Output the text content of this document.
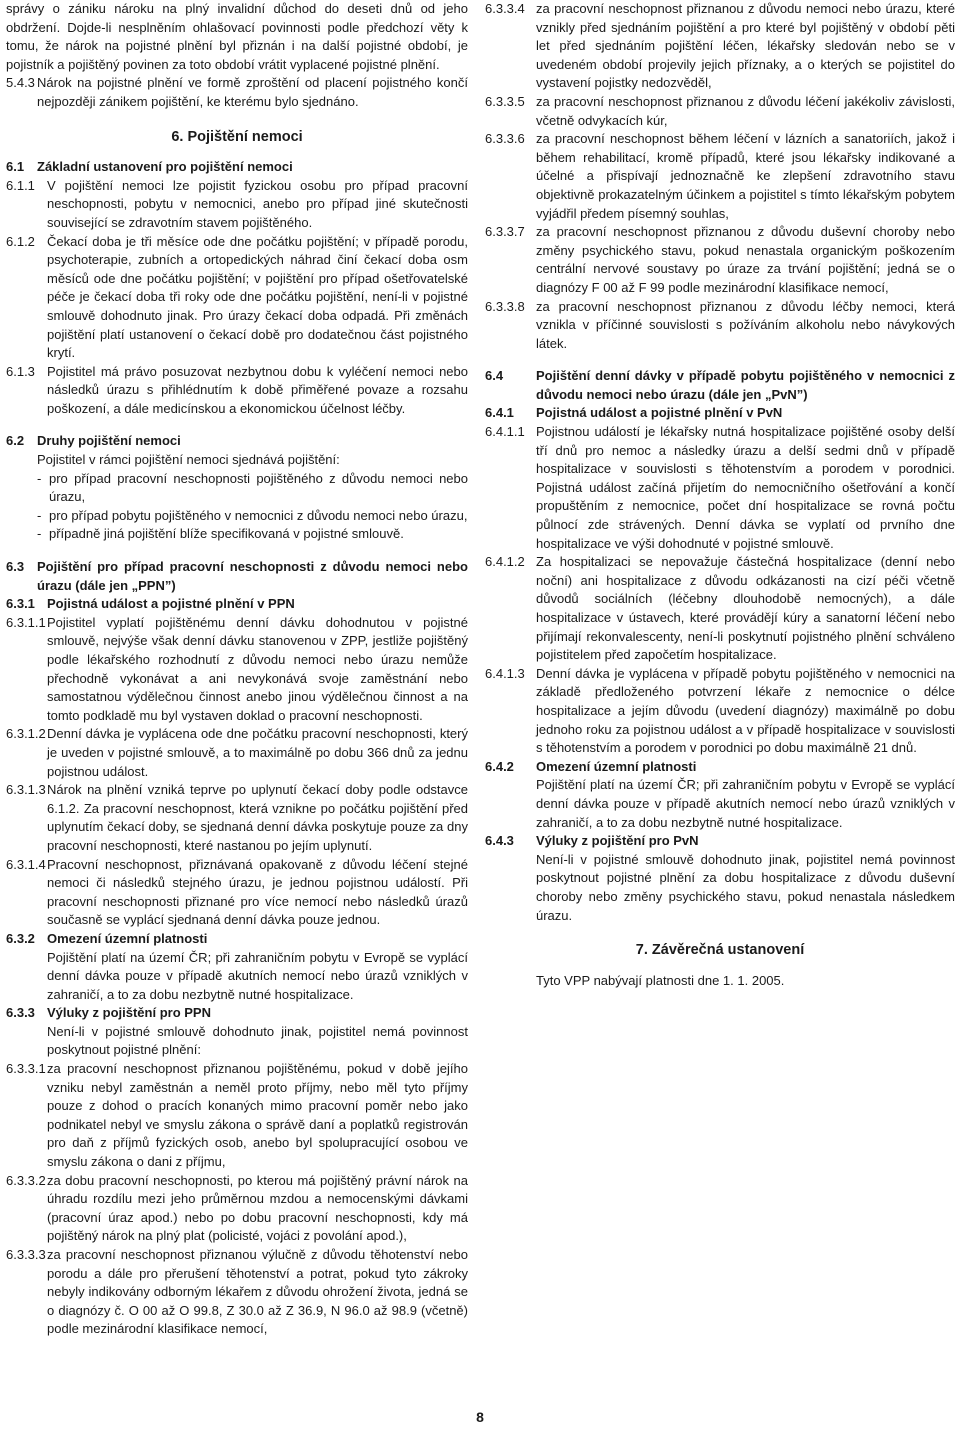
správy o zániku nároku na plný invalidní důchod do deseti dnů od jeho obdržení. Dojde-li nesplněním ohlašovací povinnosti podle předchozí věty k tomu, že nárok na pojistné plnění byl přiznán i na další pojistné období, je pojistník a pojištěný povinen za toto období vrátit vyplacené pojistné plnění.

5.4.3 Nárok na pojistné plnění ve formě zproštění od placení pojistného končí nejpozději zánikem pojištění, ke kterému bylo sjednáno.

6. Pojištění nemoci

6.1 Základní ustanovení pro pojištění nemoci
6.1.1 V pojištění nemoci lze pojistit fyzickou osobu pro případ pracovní neschopnosti, pobytu v nemocnici, anebo pro případ jiné skutečnosti související se zdravotním stavem pojištěného.
6.1.2 Čekací doba je tři měsíce ode dne počátku pojištění; v případě porodu, psychoterapie, zubních a ortopedických náhrad činí čekací doba osm měsíců ode dne počátku pojištění; v pojištění pro případ ošetřovatelské péče je čekací doba tři roky ode dne počátku pojištění, není-li v pojistné smlouvě dohodnuto jinak. Pro úrazy čekací doba odpadá. Při změnách pojištění platí ustanovení o čekací době pro dodatečnou část pojistného krytí.
6.1.3 Pojistitel má právo posuzovat nezbytnou dobu k vyléčení nemoci nebo následků úrazu s přihlédnutím k době přiměřené povaze a rozsahu poškození, a dále medicínskou a ekonomickou účelnost léčby.
6.2 Druhy pojištění nemoci

Pojistitel v rámci pojištění nemoci sjednává pojištění:

- pro případ pracovní neschopnosti pojištěného z důvodu nemoci nebo úrazu,
- pro případ pobytu pojištěného v nemocnici z důvodu nemoci nebo úrazu,
- případně jiná pojištění blíže specifikovaná v pojistné smlouvě.
6.3 Pojištění pro případ pracovní neschopnosti z důvodu nemoci nebo úrazu (dále jen „PPN”)
6.3.1 Pojistná událost a pojistné plnění v PPN
6.3.1.1 Pojistitel vyplatí pojištěnému denní dávku dohodnutou v pojistné smlouvě, nejvýše však denní dávku stanovenou v ZPP, jestliže pojištěný podle lékařského rozhodnutí z důvodu nemoci nebo úrazu nemůže přechodně vykonávat a ani nevykonává svoje zaměstnání nebo samostatnou výdělečnou činnost anebo jinou výdělečnou činnost a na tomto podkladě mu byl vystaven doklad o pracovní neschopnosti.
6.3.1.2 Denní dávka je vyplácena ode dne počátku pracovní neschopnosti, který je uveden v pojistné smlouvě, a to maximálně po dobu 366 dnů za jednu pojistnou událost.
6.3.1.3 Nárok na plnění vzniká teprve po uplynutí čekací doby podle odstavce 6.1.2. Za pracovní neschopnost, která vznikne po počátku pojištění před uplynutím čekací doby, se sjednaná denní dávka poskytuje pouze za dny pracovní neschopnosti, které nastanou po jejím uplynutí.
6.3.1.4 Pracovní neschopnost, přiznávaná opakovaně z důvodu léčení stejné nemoci či následků stejného úrazu, je jednou pojistnou událostí. Při pracovní neschopnosti přiznané pro více nemocí nebo následků úrazů současně se vyplácí sjednaná denní dávka pouze jednou.
6.3.2 Omezení územní platnosti

Pojištění platí na území ČR; při zahraničním pobytu v Evropě se vyplácí denní dávka pouze v případě akutních nemocí nebo úrazů vzniklých v zahraničí, a to za dobu nezbytně nutné hospitalizace.

6.3.3 Výluky z pojištění pro PPN

Není-li v pojistné smlouvě dohodnuto jinak, pojistitel nemá povinnost poskytnout pojistné plnění:

6.3.3.1 za pracovní neschopnost přiznanou pojištěnému, pokud v době jejího vzniku nebyl zaměstnán a neměl proto příjmy, nebo měl tyto příjmy pouze z dohod o pracích konaných mimo pracovní poměr nebo jako podnikatel nebyl ve smyslu zákona o správě daní a poplatků registrován pro daň z příjmů fyzických osob, anebo byl spolupracující osobou ve smyslu zákona o dani z příjmu,
6.3.3.2 za dobu pracovní neschopnosti, po kterou má pojištěný právní nárok na úhradu rozdílu mezi jeho průměrnou mzdou a nemocenskými dávkami (pracovní úraz apod.) nebo po dobu pracovní neschopnosti, kdy má pojištěný nárok na plný plat (policisté, vojáci z povolání apod.),
6.3.3.3 za pracovní neschopnost přiznanou výlučně z důvodu těhotenství nebo porodu a dále pro přerušení těhotenství a potrat, pokud tyto zákroky nebyly indikovány odborným lékařem z důvodu ohrožení života, jedná se o diagnózy č. O 00 až O 99.8, Z 30.0 až Z 36.9, N 96.0 až 98.9 (včetně) podle mezinárodní klasifikace nemocí,
6.3.3.4 za pracovní neschopnost přiznanou z důvodu nemoci nebo úrazu, které vznikly před sjednáním pojištění a pro které byl pojištěný v období pěti let před sjednáním pojištění léčen, lékařsky sledován nebo se v uvedeném období projevily jejich příznaky, a o kterých se pojistitel do vystavení pojistky nedozvěděl,
6.3.3.5 za pracovní neschopnost přiznanou z důvodu léčení jakékoliv závislosti, včetně odvykacích kúr,
6.3.3.6 za pracovní neschopnost během léčení v lázních a sanatoriích, jakož i během rehabilitací, kromě případů, které jsou lékařsky indikované a účelné a přispívají jednoznačně ke zlepšení zdravotního stavu objektivně prokazatelným účinkem a pojistitel s tímto lékařským pobytem vyjádřil předem písemný souhlas,
6.3.3.7 za pracovní neschopnost přiznanou z důvodu duševní choroby nebo změny psychického stavu, pokud nenastala organickým poškozením centrální nervové soustavy po úraze za trvání pojištění; jedná se o diagnózy F 00 až F 99 podle mezinárodní klasifikace nemocí,
6.3.3.8 za pracovní neschopnost přiznanou z důvodu léčby nemoci, která vznikla v příčinné souvislosti s požíváním alkoholu nebo návykových látek.
6.4	Pojištění denní dávky v případě pobytu pojištěného v nemocnici z důvodu nemoci nebo úrazu (dále jen „PvN”)
6.4.1	Pojistná událost a pojistné plnění v PvN
6.4.1.1 Pojistnou událostí je lékařsky nutná hospitalizace pojištěné osoby delší tří dnů pro nemoc a následky úrazu a delší sedmi dnů v případě hospitalizace v souvislosti s těhotenstvím a porodem v porodnici. Pojistná událost začíná přijetím do nemocničního ošetřování a končí propuštěním z nemocnice, počet dní hospitalizace se rovná počtu půlnocí zde strávených. Denní dávka se vyplatí od prvního dne hospitalizace ve výši dohodnuté v pojistné smlouvě.
6.4.1.2 Za hospitalizaci se nepovažuje částečná hospitalizace (denní nebo noční) ani hospitalizace z důvodu odkázanosti na cizí péči včetně důvodů sociálních (léčebny dlouhodobě nemocných), a dále hospitalizace v ústavech, které provádějí kúry a sanatorní léčení nebo přijímají rekonvalescenty, není-li poskytnutí pojistného plnění schváleno pojistitelem před započetím hospitalizace.
6.4.1.3 Denní dávka je vyplácena v případě pobytu pojištěného v nemocnici na základě předloženého potvrzení lékaře z nemocnice o délce hospitalizace a jejím důvodu (uvedení diagnózy) maximálně po dobu jednoho roku za pojistnou událost a v případě hospitalizace v souvislosti s těhotenstvím a porodem v porodnici po dobu maximálně 21 dnů.
6.4.2	Omezení územní platnosti

Pojištění platí na území ČR; při zahraničním pobytu v Evropě se vyplácí denní dávka pouze v případě akutních nemocí nebo úrazů vzniklých v zahraničí, a to za dobu nezbytně nutné hospitalizace.

6.4.3	Výluky z pojištění pro PvN

Není-li v pojistné smlouvě dohodnuto jinak, pojistitel nemá povinnost poskytnout pojistné plnění za dobu hospitalizace z důvodu duševní choroby nebo změny psychického stavu, pokud nenastala následkem úrazu.

7. Závěrečná ustanovení

Tyto VPP nabývají platnosti dne 1. 1. 2005.

8
